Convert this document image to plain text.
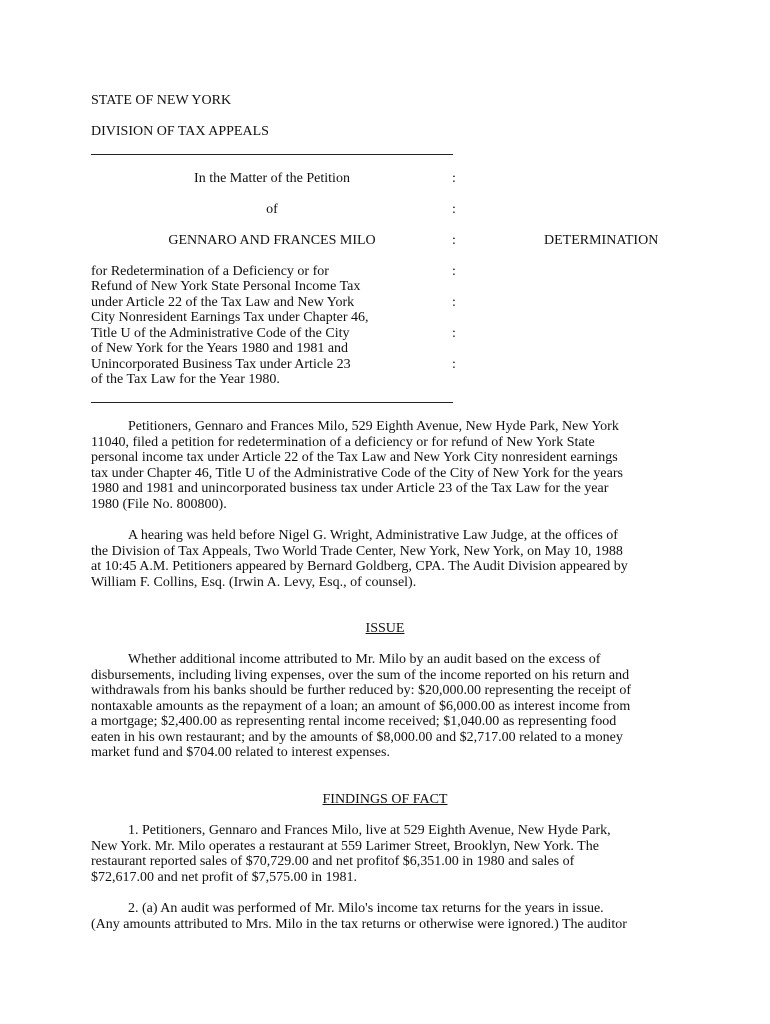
STATE OF NEW YORK
DIVISION OF TAX APPEALS
In the Matter of the Petition	:
of	:
GENNARO AND FRANCES MILO	:	DETERMINATION
for Redetermination of a Deficiency or for	:
Refund of New York State Personal Income Tax
under Article 22 of the Tax Law and New York	:
City Nonresident Earnings Tax under Chapter 46,
Title U of the Administrative Code of the City	:
of New York for the Years 1980 and 1981 and
Unincorporated Business Tax under Article 23	:
of the Tax Law for the Year 1980.
Petitioners, Gennaro and Frances Milo, 529 Eighth Avenue, New Hyde Park, New York
11040, filed a petition for redetermination of a deficiency or for refund of New York State
personal income tax under Article 22 of the Tax Law and New York City nonresident earnings
tax under Chapter 46, Title U of the Administrative Code of the City of New York for the years
1980 and 1981 and unincorporated business tax under Article 23 of the Tax Law for the year
1980 (File No. 800800).
A hearing was held before Nigel G. Wright, Administrative Law Judge, at the offices of
the Division of Tax Appeals, Two World Trade Center, New York, New York, on May 10, 1988
at 10:45 A.M. Petitioners appeared by Bernard Goldberg, CPA. The Audit Division appeared by
William F. Collins, Esq. (Irwin A. Levy, Esq., of counsel).
ISSUE
Whether additional income attributed to Mr. Milo by an audit based on the excess of
disbursements, including living expenses, over the sum of the income reported on his return and
withdrawals from his banks should be further reduced by: $20,000.00 representing the receipt of
nontaxable amounts as the repayment of a loan; an amount of $6,000.00 as interest income from
a mortgage; $2,400.00 as representing rental income received; $1,040.00 as representing food
eaten in his own restaurant; and by the amounts of $8,000.00 and $2,717.00 related to a money
market fund and $704.00 related to interest expenses.
FINDINGS OF FACT
1. Petitioners, Gennaro and Frances Milo, live at 529 Eighth Avenue, New Hyde Park,
New York. Mr. Milo operates a restaurant at 559 Larimer Street, Brooklyn, New York. The
restaurant reported sales of $70,729.00 and net profitof $6,351.00 in 1980 and sales of
$72,617.00 and net profit of $7,575.00 in 1981.
2. (a) An audit was performed of Mr. Milo's income tax returns for the years in issue.
(Any amounts attributed to Mrs. Milo in the tax returns or otherwise were ignored.) The auditor
